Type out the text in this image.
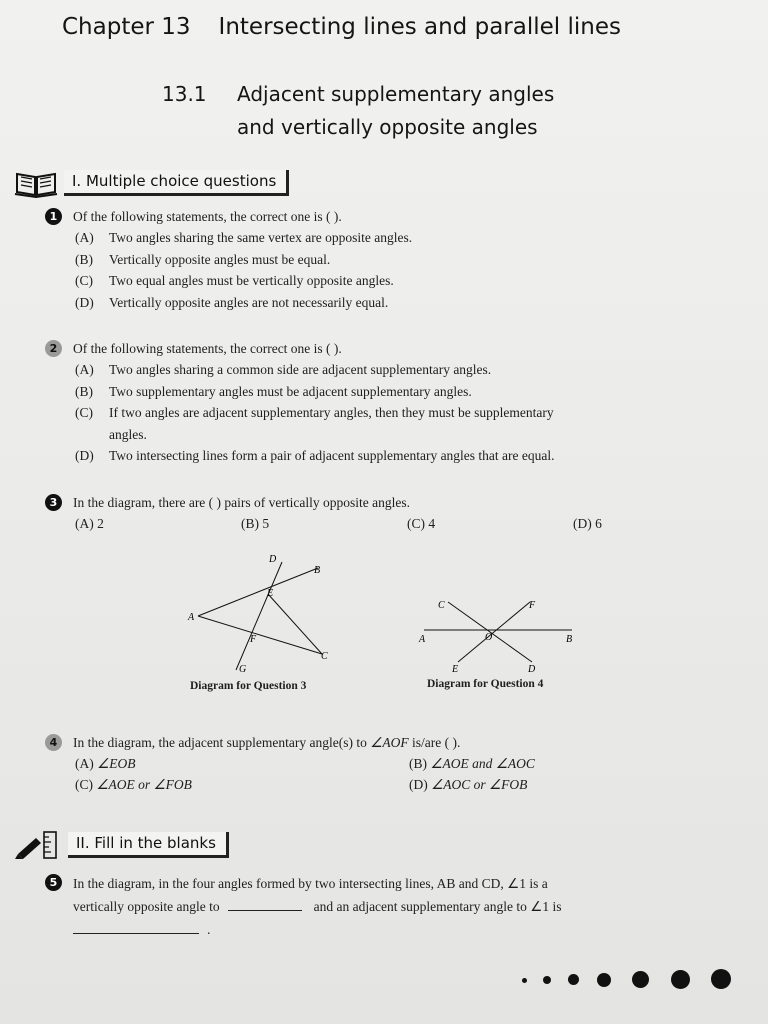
Chapter 13 Intersecting lines and parallel lines
13.1	Adjacent supplementary angles
and vertically opposite angles
I. Multiple choice questions
1	Of the following statements, the correct one is ( ).
(A) Two angles sharing the same vertex are opposite angles.
(B) Vertically opposite angles must be equal.
(C) Two equal angles must be vertically opposite angles.
(D) Vertically opposite angles are not necessarily equal.
2	Of the following statements, the correct one is ( ).
(A) Two angles sharing a common side are adjacent supplementary angles.
(B) Two supplementary angles must be adjacent supplementary angles.
(C) If two angles are adjacent supplementary angles, then they must be supplementary
angles.
(D) Two intersecting lines form a pair of adjacent supplementary angles that are equal.
3	In the diagram, there are ( ) pairs of vertically opposite angles.
(A) 2	(B) 5	(C) 4	(D) 6
A
B
C
D
E
F
G
Diagram for Question 3
A	B
C
D
E
F
O
Diagram for Question 4
4	In the diagram, the adjacent supplementary angle(s) to ∠AOF is/are ( ).
(A) ∠EOB	(B) ∠AOE and ∠AOC
(C) ∠AOE or ∠FOB	(D) ∠AOC or ∠FOB
II. Fill in the blanks
5	In the diagram, in the four angles formed by two intersecting lines, AB and CD, ∠1 is a
vertically opposite angle to	and an adjacent supplementary angle to ∠1 is
.
